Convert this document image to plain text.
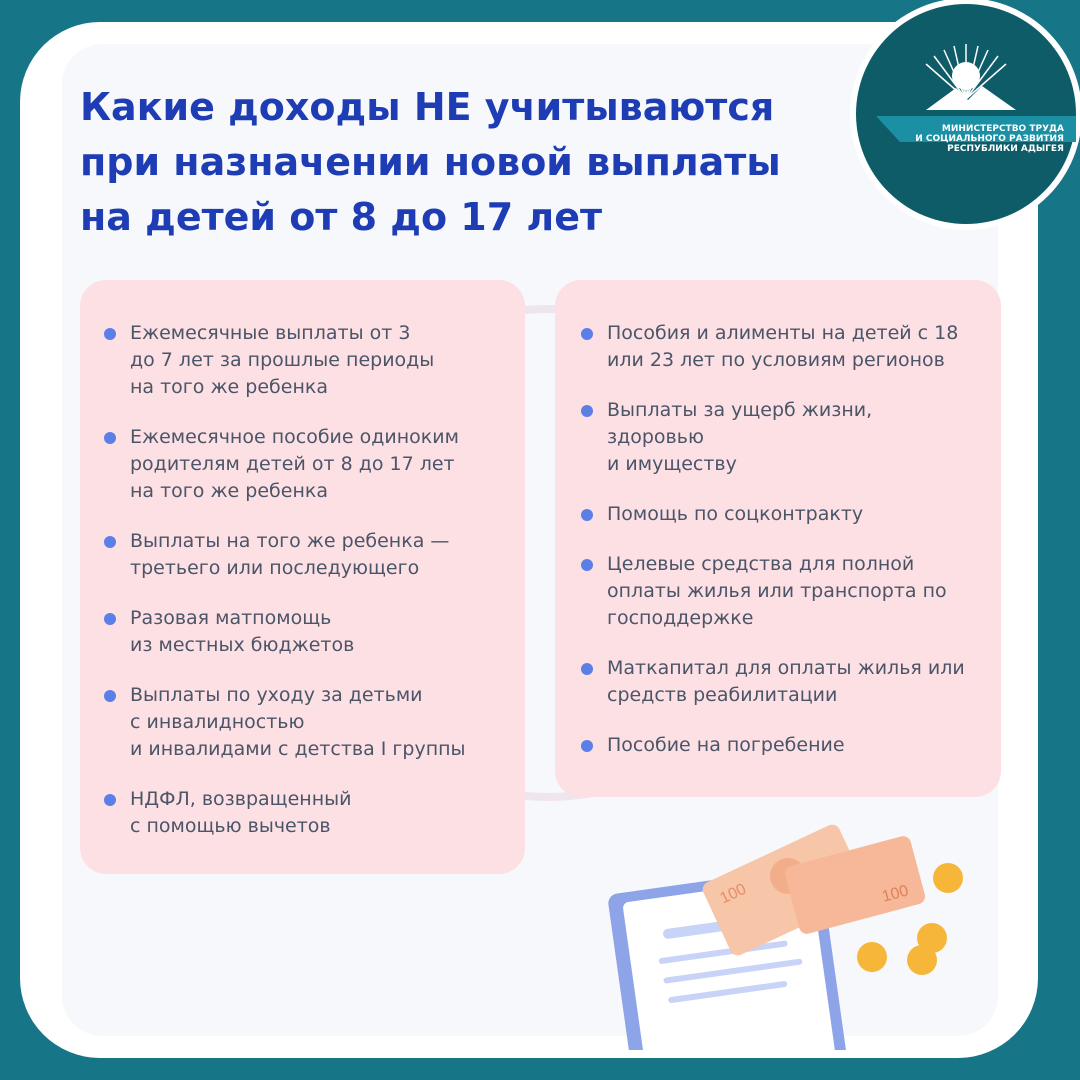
Какие доходы НЕ учитываются
при назначении новой выплаты
на детей от 8 до 17 лет
Ежемесячные выплаты от 3
до 7 лет за прошлые периоды
на того же ребенка
Ежемесячное пособие одиноким
родителям детей от 8 до 17 лет
на того же ребенка
Выплаты на того же ребенка —
третьего или последующего
Разовая матпомощь
из местных бюджетов
Выплаты по уходу за детьми
с инвалидностью
и инвалидами с детства I группы
НДФЛ, возвращенный
с помощью вычетов
Пособия и алименты на детей с 18
или 23 лет по условиям регионов
Выплаты за ущерб жизни,
здоровью
и имуществу
Помощь по соцконтракту
Целевые средства для полной
оплаты жилья или транспорта по
господдержке
Маткапитал для оплаты жилья или
средств реабилитации
Пособие на погребение
100	100
МИНИСТЕРСТВО ТРУДА
И СОЦИАЛЬНОГО РАЗВИТИЯ
РЕСПУБЛИКИ АДЫГЕЯ
